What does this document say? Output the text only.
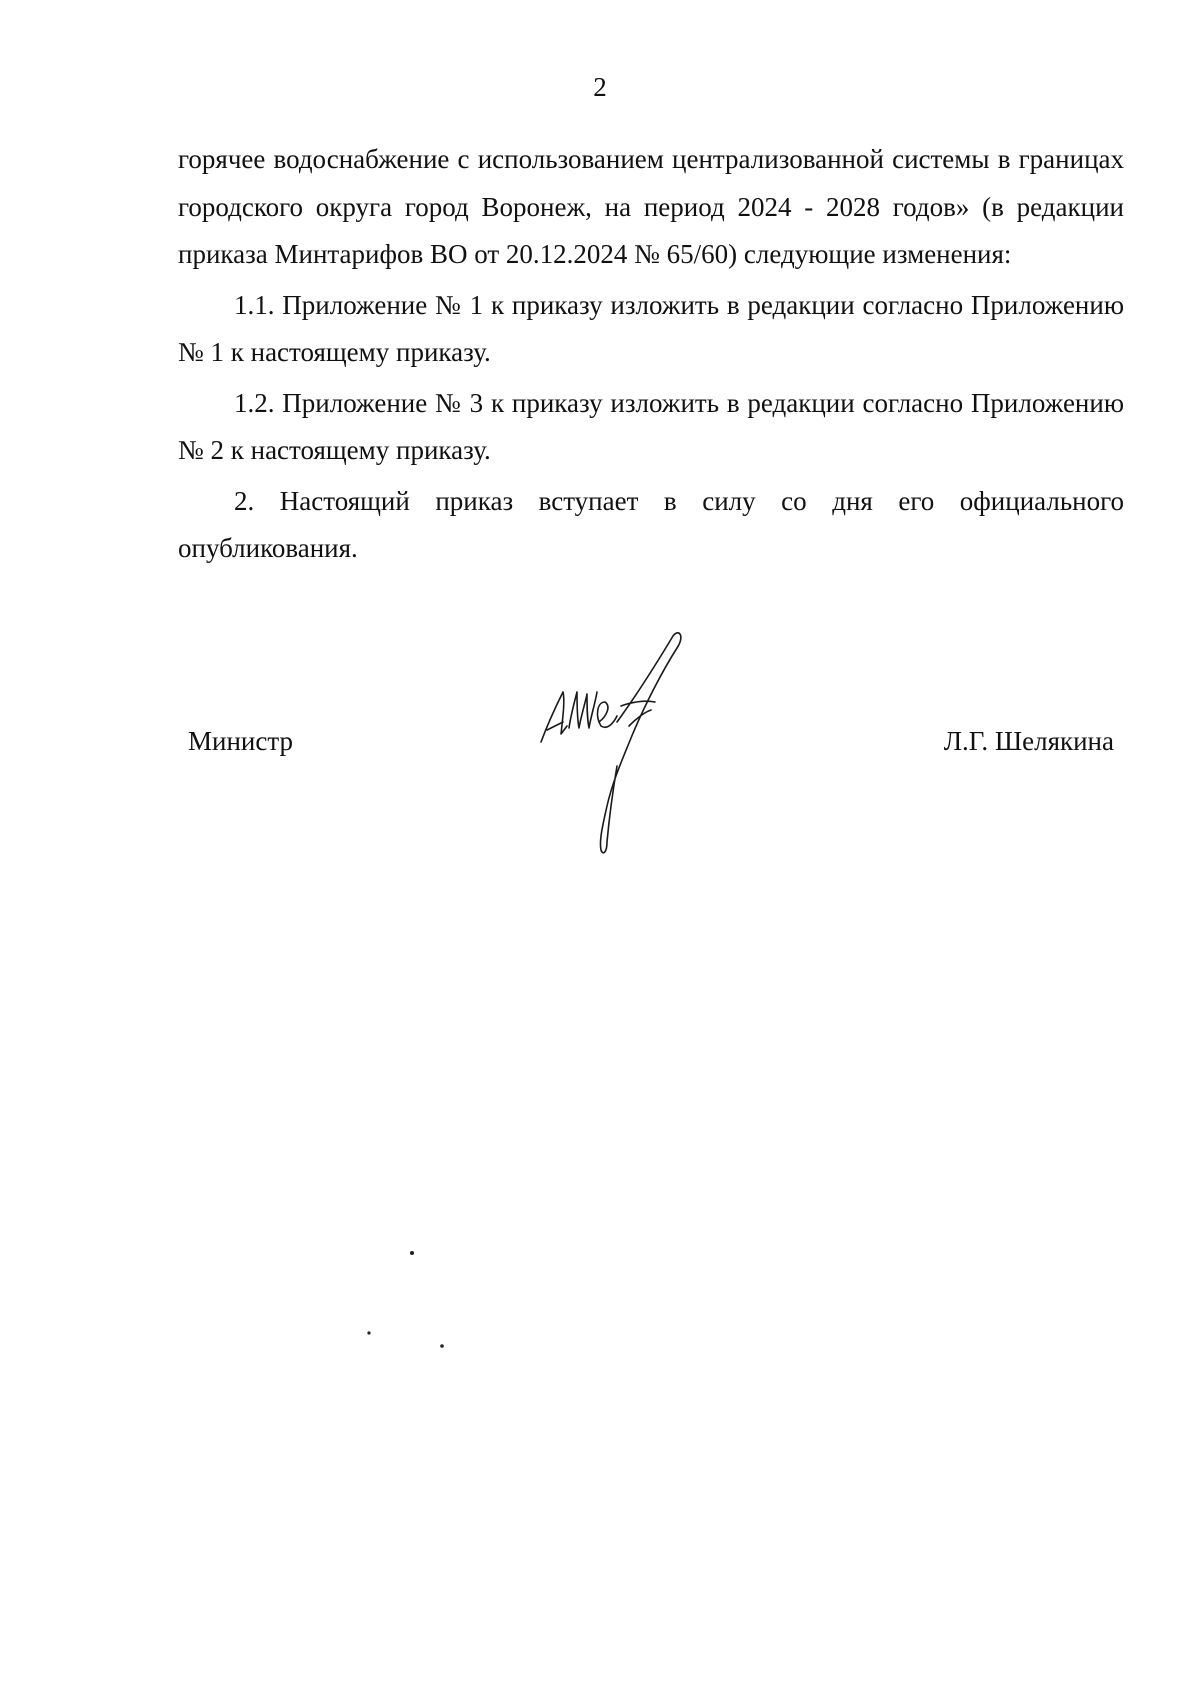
2

горячее водоснабжение с использованием централизованной системы в границах городского округа город Воронеж, на период 2024 - 2028 годов» (в редакции приказа Минтарифов ВО от 20.12.2024 № 65/60) следующие изменения:

1.1. Приложение № 1 к приказу изложить в редакции согласно Приложению № 1 к настоящему приказу.

1.2. Приложение № 3 к приказу изложить в редакции согласно Приложению № 2 к настоящему приказу.

2. Настоящий приказ вступает в силу со дня его официального опубликования.

Министр	Л.Г. Шелякина
